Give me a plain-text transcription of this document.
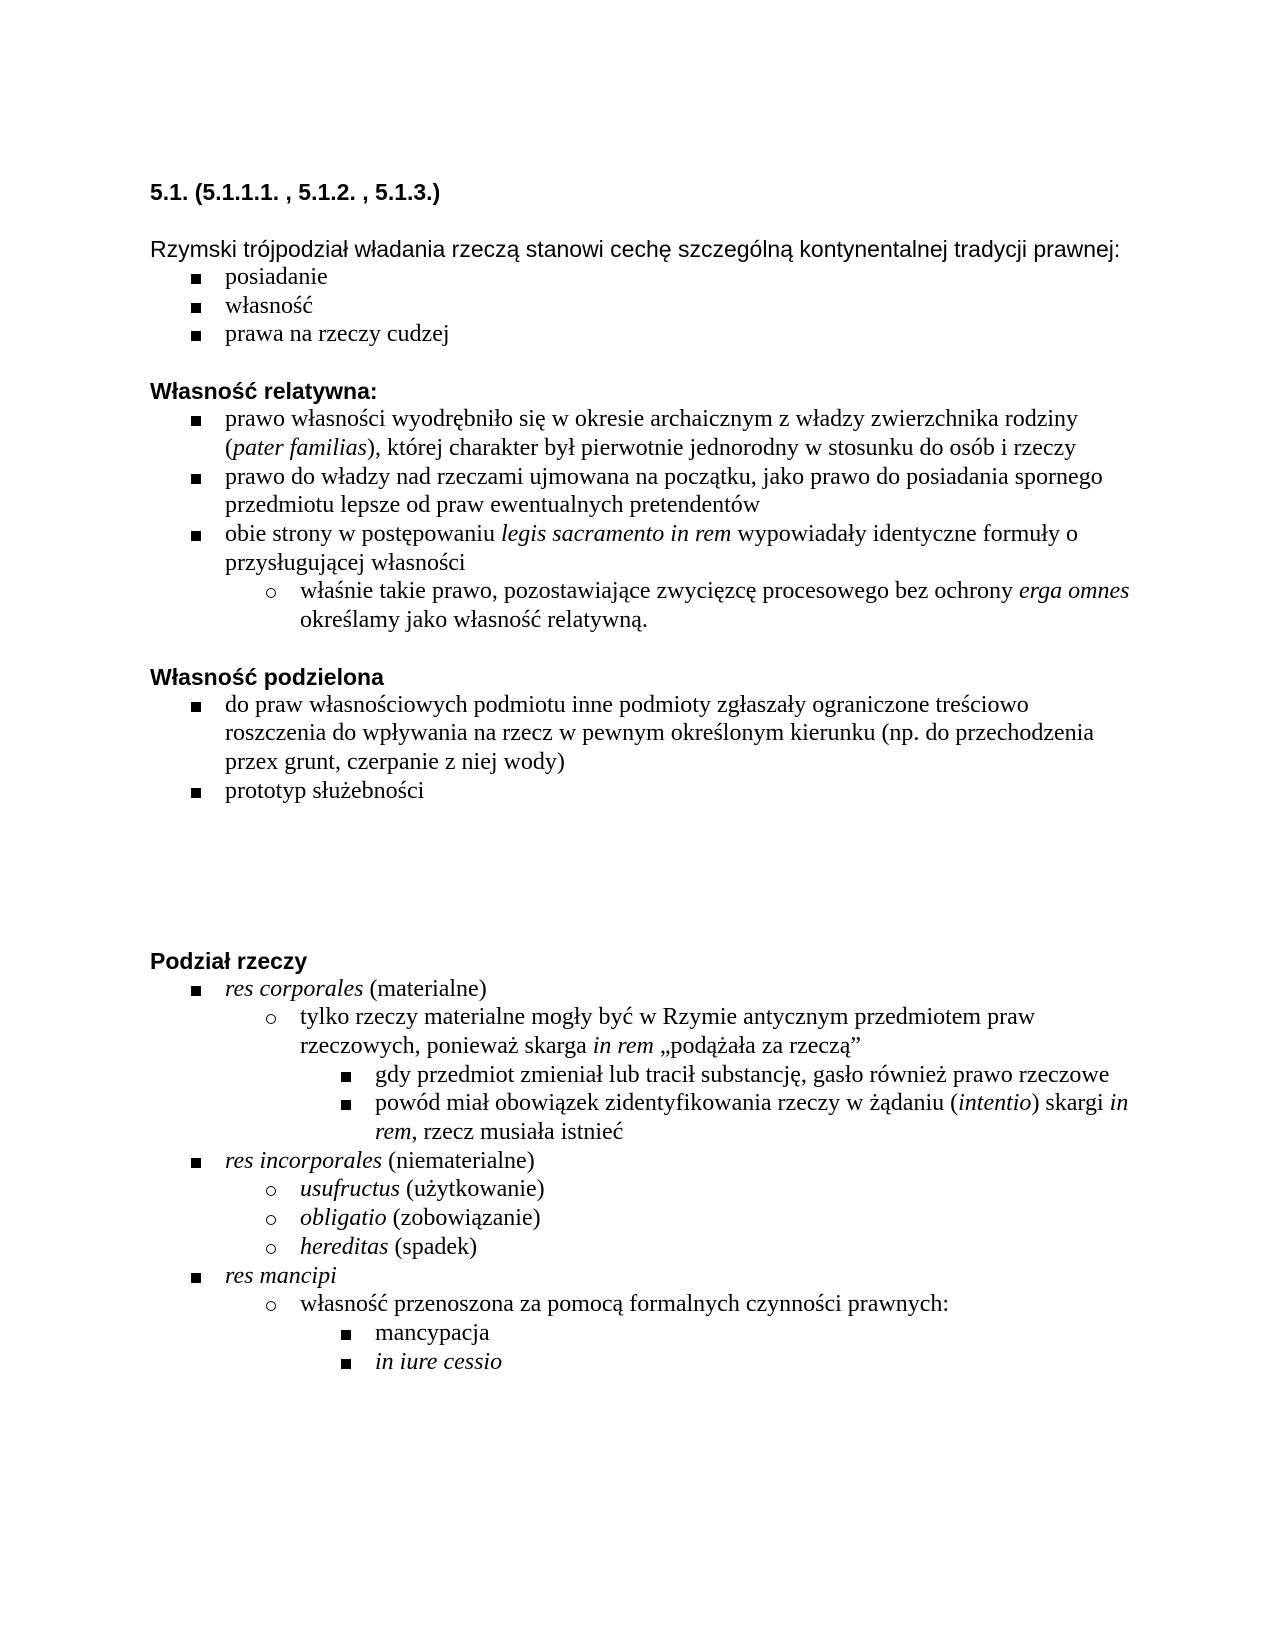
5.1. (5.1.1.1. , 5.1.2. , 5.1.3.)

Rzymski trójpodział władania rzeczą stanowi cechę szczególną kontynentalnej tradycji prawnej:

posiadanie
własność
prawa na rzeczy cudzej
Własność relatywna:
prawo własności wyodrębniło się w okresie archaicznym z władzy zwierzchnika rodziny (pater familias), której charakter był pierwotnie jednorodny w stosunku do osób i rzeczy
prawo do władzy nad rzeczami ujmowana na początku, jako prawo do posiadania spornego przedmiotu lepsze od praw ewentualnych pretendentów
obie strony w postępowaniu legis sacramento in rem wypowiadały identyczne formuły o przysługującej własności
właśnie takie prawo, pozostawiające zwycięzcę procesowego bez ochrony erga omnes określamy jako własność relatywną.
Własność podzielona
do praw własnościowych podmiotu inne podmioty zgłaszały ograniczone treściowo roszczenia do wpływania na rzecz w pewnym określonym kierunku (np. do przechodzenia przex grunt, czerpanie z niej wody)
prototyp służebności
Podział rzeczy
res corporales (materialne)
tylko rzeczy materialne mogły być w Rzymie antycznym przedmiotem praw rzeczowych, ponieważ skarga in rem „podążała za rzeczą”
gdy przedmiot zmieniał lub tracił substancję, gasło również prawo rzeczowe
powód miał obowiązek zidentyfikowania rzeczy w żądaniu (intentio) skargi in rem, rzecz musiała istnieć
res incorporales (niematerialne)
usufructus (użytkowanie)
obligatio (zobowiązanie)
hereditas (spadek)
res mancipi
własność przenoszona za pomocą formalnych czynności prawnych:
mancypacja
in iure cessio
